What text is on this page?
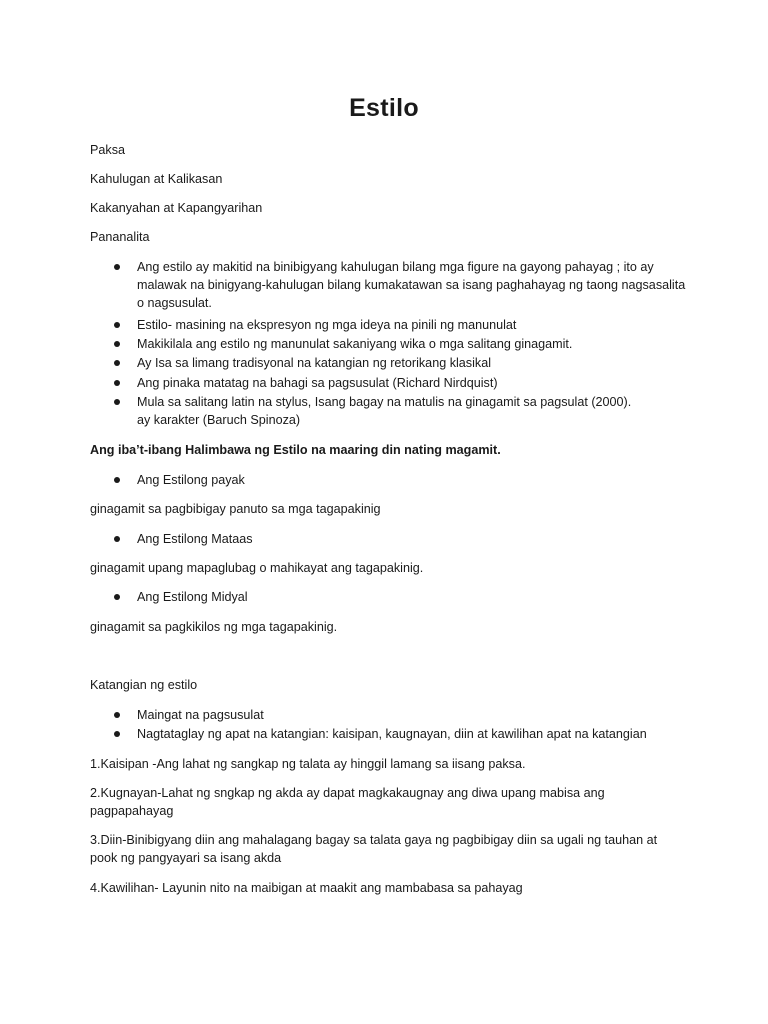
Estilo
Paksa
Kahulugan at Kalikasan
Kakanyahan at Kapangyarihan
Pananalita
Ang estilo ay makitid na binibigyang kahulugan bilang mga figure na gayong pahayag ; ito ay
malawak na binigyang-kahulugan bilang kumakatawan sa isang paghahayag ng taong nagsasalita
o nagsusulat.
Estilo- masining na ekspresyon ng mga ideya na pinili ng manunulat
Makikilala ang estilo ng manunulat sakaniyang wika o mga salitang ginagamit.
Ay Isa sa limang tradisyonal na katangian ng retorikang klasikal
Ang pinaka matatag na bahagi sa pagsusulat (Richard Nirdquist)
Mula sa salitang latin na stylus, Isang bagay na matulis na ginagamit sa pagsulat (2000).
ay karakter (Baruch Spinoza)
Ang iba’t-ibang Halimbawa ng Estilo na maaring din nating magamit.
Ang Estilong payak
ginagamit sa pagbibigay panuto sa mga tagapakinig
Ang Estilong Mataas
ginagamit upang mapaglubag o mahikayat ang tagapakinig.
Ang Estilong Midyal
ginagamit sa pagkikilos ng mga tagapakinig.
Katangian ng estilo
Maingat na pagsusulat
Nagtataglay ng apat na katangian: kaisipan, kaugnayan, diin at kawilihan apat na katangian
1.Kaisipan -Ang lahat ng sangkap ng talata ay hinggil lamang sa iisang paksa.
2.Kugnayan-Lahat ng sngkap ng akda ay dapat magkakaugnay ang diwa upang mabisa ang
pagpapahayag
3.Diin-Binibigyang diin ang mahalagang bagay sa talata gaya ng pagbibigay diin sa ugali ng tauhan at
pook ng pangyayari sa isang akda
4.Kawilihan- Layunin nito na maibigan at maakit ang mambabasa sa pahayag
